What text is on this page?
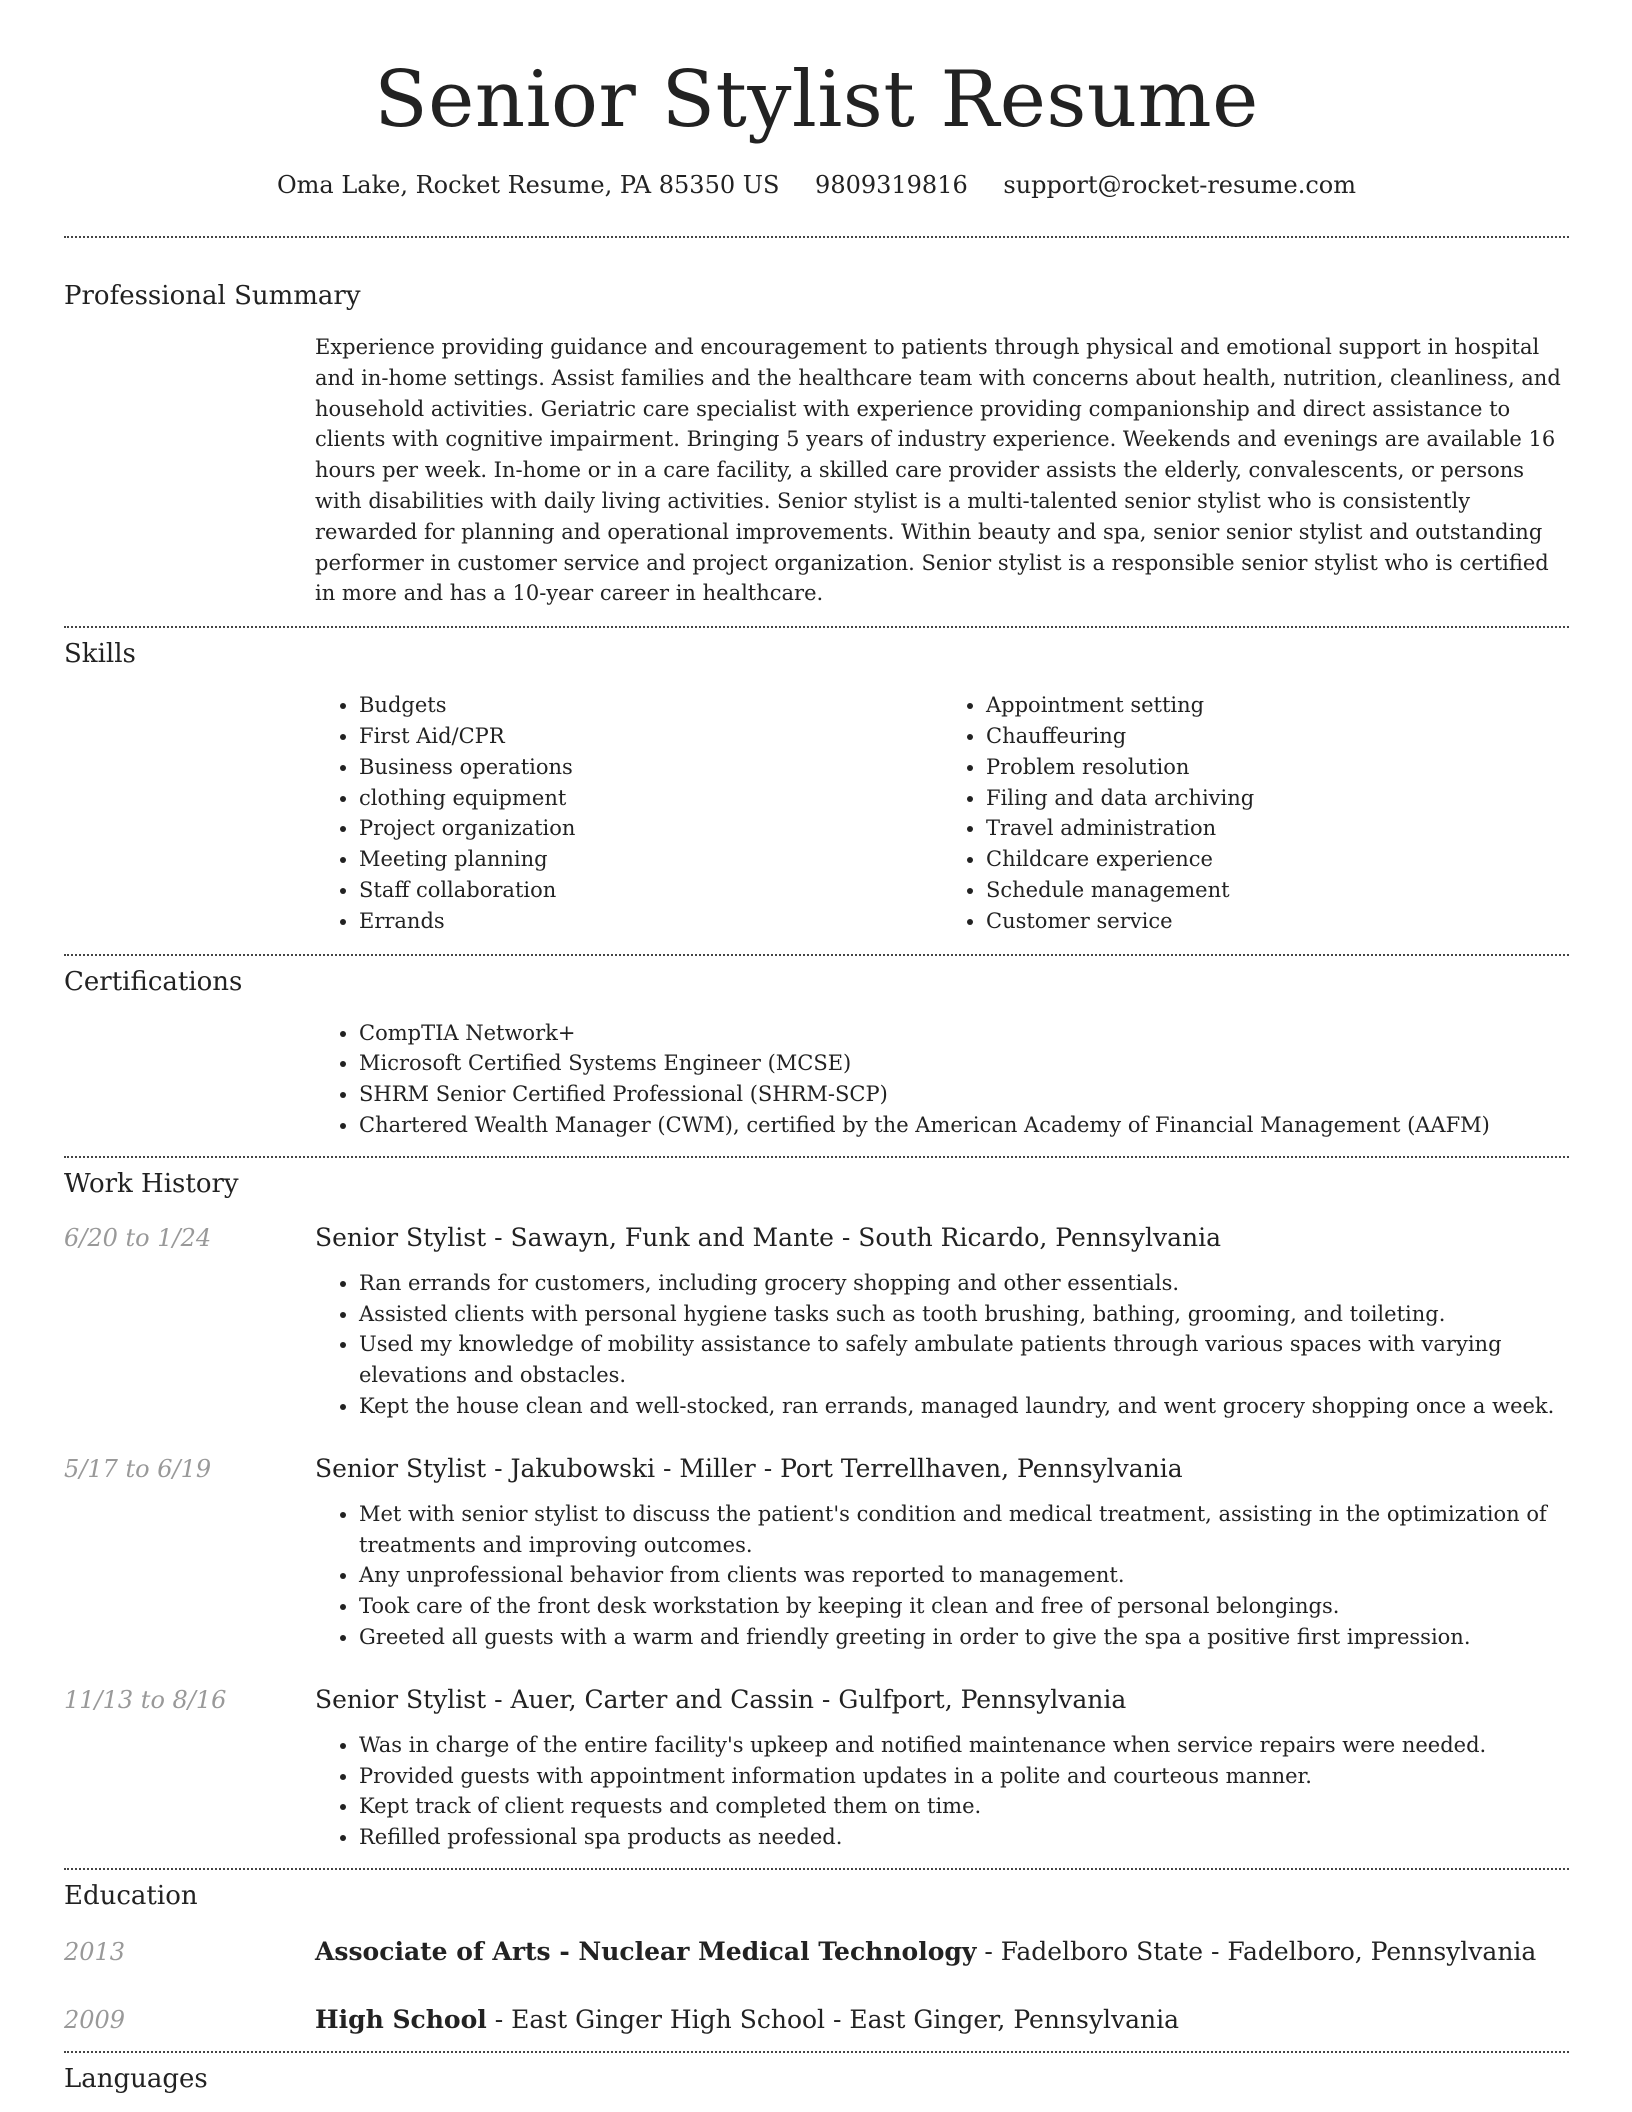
Senior Stylist Resume
Oma Lake, Rocket Resume, PA 85350 US 9809319816 support@rocket-resume.com
Professional Summary

Experience providing guidance and encouragement to patients through physical and emotional support in hospital and in-home settings. Assist families and the healthcare team with concerns about health, nutrition, cleanliness, and household activities. Geriatric care specialist with experience providing companionship and direct assistance to clients with cognitive impairment. Bringing 5 years of industry experience. Weekends and evenings are available 16 hours per week. In-home or in a care facility, a skilled care provider assists the elderly, convalescents, or persons with disabilities with daily living activities. Senior stylist is a multi-talented senior stylist who is consistently rewarded for planning and operational improvements. Within beauty and spa, senior senior stylist and outstanding performer in customer service and project organization. Senior stylist is a responsible senior stylist who is certified in more and has a 10-year career in healthcare.

Skills
• Budgets
• First Aid/CPR
• Business operations
• clothing equipment
• Project organization
• Meeting planning
• Staff collaboration
• Errands
• Appointment setting
• Chauffeuring
• Problem resolution
• Filing and data archiving
• Travel administration
• Childcare experience
• Schedule management
• Customer service
Certifications
• CompTIA Network+
• Microsoft Certified Systems Engineer (MCSE)
• SHRM Senior Certified Professional (SHRM-SCP)
• Chartered Wealth Manager (CWM), certified by the American Academy of Financial Management (AAFM)
Work History
6/20 to 1/24	Senior Stylist - Sawayn, Funk and Mante - South Ricardo, Pennsylvania
• Ran errands for customers, including grocery shopping and other essentials.
• Assisted clients with personal hygiene tasks such as tooth brushing, bathing, grooming, and toileting.
• Used my knowledge of mobility assistance to safely ambulate patients through various spaces with varying elevations and obstacles.
• Kept the house clean and well-stocked, ran errands, managed laundry, and went grocery shopping once a week.
5/17 to 6/19	Senior Stylist - Jakubowski - Miller - Port Terrellhaven, Pennsylvania
• Met with senior stylist to discuss the patient's condition and medical treatment, assisting in the optimization of treatments and improving outcomes.
• Any unprofessional behavior from clients was reported to management.
• Took care of the front desk workstation by keeping it clean and free of personal belongings.
• Greeted all guests with a warm and friendly greeting in order to give the spa a positive first impression.
11/13 to 8/16	Senior Stylist - Auer, Carter and Cassin - Gulfport, Pennsylvania
• Was in charge of the entire facility's upkeep and notified maintenance when service repairs were needed.
• Provided guests with appointment information updates in a polite and courteous manner.
• Kept track of client requests and completed them on time.
• Refilled professional spa products as needed.
Education
2013	Associate of Arts - Nuclear Medical Technology - Fadelboro State - Fadelboro, Pennsylvania
2009	High School - East Ginger High School - East Ginger, Pennsylvania
Languages
